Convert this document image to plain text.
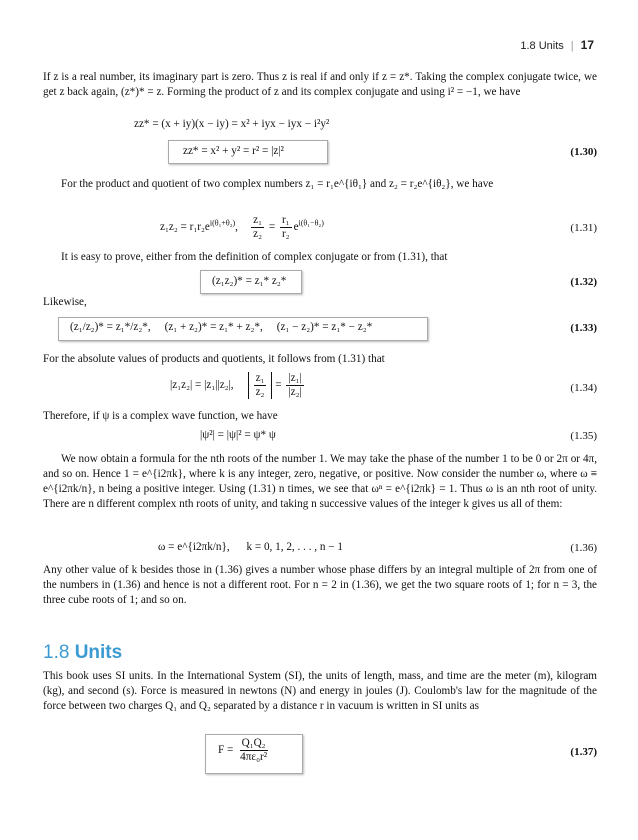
1.8 Units | 17

If z is a real number, its imaginary part is zero. Thus z is real if and only if z = z*. Taking the complex conjugate twice, we get z back again, (z*)* = z. Forming the product of z and its complex conjugate and using i² = −1, we have

zz* = (x + iy)(x − iy) = x² + iyx − iyx − i²y²
zz* = x² + y² = r² = |z|²	(1.30)

For the product and quotient of two complex numbers z₁ = r₁e^{iθ₁} and z₂ = r₂e^{iθ₂}, we have

$z_1z_2 = r_1r_2e^{i(\theta_1+\theta_2)}$, $\frac{\text{z₁}}{\text{z₂}} = \frac{\text{r₁}}{\text{r₂}} e^{i(\theta_1-\theta_2)}$	(1.31)

It is easy to prove, either from the definition of complex conjugate or from (1.31), that

(z₁z₂)* = z₁* z₂*	(1.32)

Likewise,

(z₁/z₂)* = z₁*/z₂*,     (z₁ + z₂)* = z₁* + z₂*,     (z₁ − z₂)* = z₁* − z₂*	(1.33)

For the absolute values of products and quotients, it follows from (1.31) that

|z₁z₂| = |z₁||z₂|, $\frac{\text{z₁}}{\text{z₂}} = \frac{\text{|z₁|}}{\text{|z₂|}}$	(1.34)

Therefore, if ψ is a complex wave function, we have

|ψ²| = |ψ|² = ψ* ψ	(1.35)

We now obtain a formula for the nth roots of the number 1. We may take the phase of the number 1 to be 0 or 2π or 4π, and so on. Hence 1 = e^{i2πk}, where k is any integer, zero, negative, or positive. Now consider the number ω, where ω ≡ e^{i2πk/n}, n being a positive integer. Using (1.31) n times, we see that ωⁿ = e^{i2πk} = 1. Thus ω is an nth root of unity. There are n different complex nth roots of unity, and taking n successive values of the integer k gives us all of them:

ω = e^{i2πk/n},      k = 0, 1, 2, . . . , n − 1	(1.36)

Any other value of k besides those in (1.36) gives a number whose phase differs by an integral multiple of 2π from one of the numbers in (1.36) and hence is not a different root. For n = 2 in (1.36), we get the two square roots of 1; for n = 3, the three cube roots of 1; and so on.

1.8 Units

This book uses SI units. In the International System (SI), the units of length, mass, and time are the meter (m), kilogram (kg), and second (s). Force is measured in newtons (N) and energy in joules (J). Coulomb's law for the magnitude of the force between two charges Q₁ and Q₂ separated by a distance r in vacuum is written in SI units as

$F = \frac{\text{Q₁Q₂}}{\text{4πε₀r²}}$	(1.37)
